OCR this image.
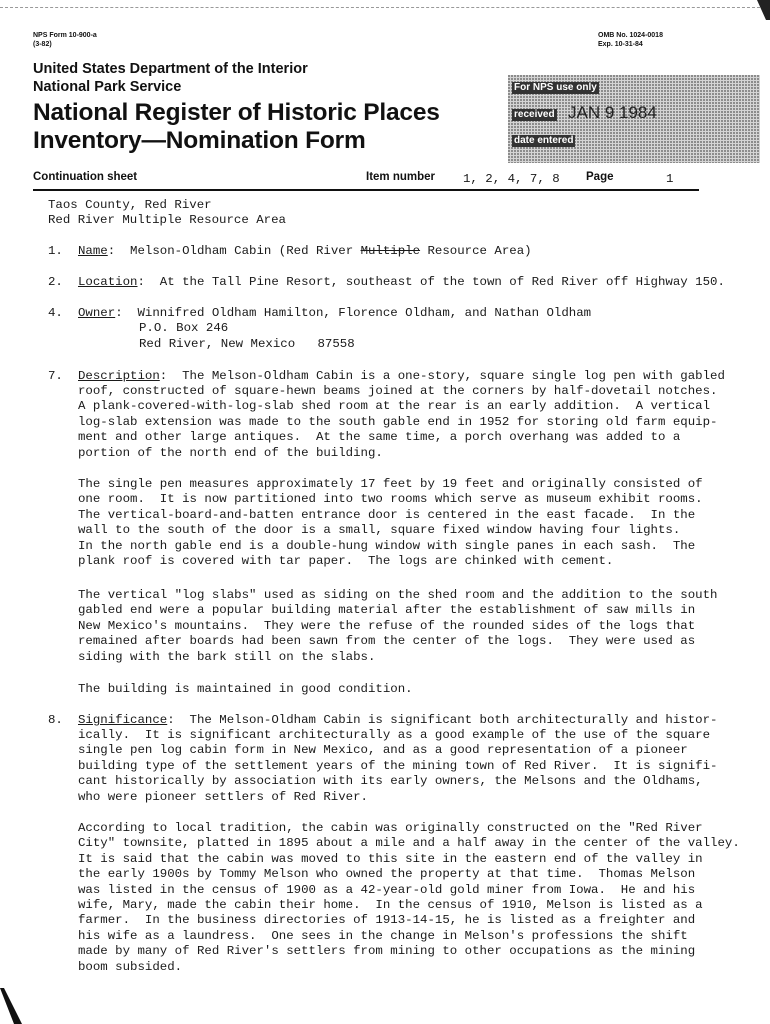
NPS Form 10-900-a
(3-82)
OMB No. 1024-0018
Exp. 10-31-84
United States Department of the Interior
National Park Service
National Register of Historic Places
Inventory—Nomination Form
For NPS use only
received JAN 9 1984
date entered
Continuation sheet	Item number 1, 2, 4, 7, 8 Page	1
Taos County, Red River
Red River Multiple Resource Area
1. Name:  Melson-Oldham Cabin (Red River Multiple Resource Area)
2. Location:  At the Tall Pine Resort, southeast of the town of Red River off Highway 150.
4. Owner:  Winnifred Oldham Hamilton, Florence Oldham, and Nathan Oldham
P.O. Box 246
Red River, New Mexico   87558
7. Description:  The Melson-Oldham Cabin is a one-story, square single log pen with gabled
roof, constructed of square-hewn beams joined at the corners by half-dovetail notches.
A plank-covered-with-log-slab shed room at the rear is an early addition.  A vertical
log-slab extension was made to the south gable end in 1952 for storing old farm equip-
ment and other large antiques.  At the same time, a porch overhang was added to a
portion of the north end of the building.
The single pen measures approximately 17 feet by 19 feet and originally consisted of
one room.  It is now partitioned into two rooms which serve as museum exhibit rooms.
The vertical-board-and-batten entrance door is centered in the east facade.  In the
wall to the south of the door is a small, square fixed window having four lights.
In the north gable end is a double-hung window with single panes in each sash.  The
plank roof is covered with tar paper.  The logs are chinked with cement.
The vertical "log slabs" used as siding on the shed room and the addition to the south
gabled end were a popular building material after the establishment of saw mills in
New Mexico's mountains.  They were the refuse of the rounded sides of the logs that
remained after boards had been sawn from the center of the logs.  They were used as
siding with the bark still on the slabs.
The building is maintained in good condition.
8. Significance:  The Melson-Oldham Cabin is significant both architecturally and histor-
ically.  It is significant architecturally as a good example of the use of the square
single pen log cabin form in New Mexico, and as a good representation of a pioneer
building type of the settlement years of the mining town of Red River.  It is signifi-
cant historically by association with its early owners, the Melsons and the Oldhams,
who were pioneer settlers of Red River.
According to local tradition, the cabin was originally constructed on the "Red River
City" townsite, platted in 1895 about a mile and a half away in the center of the valley.
It is said that the cabin was moved to this site in the eastern end of the valley in
the early 1900s by Tommy Melson who owned the property at that time.  Thomas Melson
was listed in the census of 1900 as a 42-year-old gold miner from Iowa.  He and his
wife, Mary, made the cabin their home.  In the census of 1910, Melson is listed as a
farmer.  In the business directories of 1913-14-15, he is listed as a freighter and
his wife as a laundress.  One sees in the change in Melson's professions the shift
made by many of Red River's settlers from mining to other occupations as the mining
boom subsided.
